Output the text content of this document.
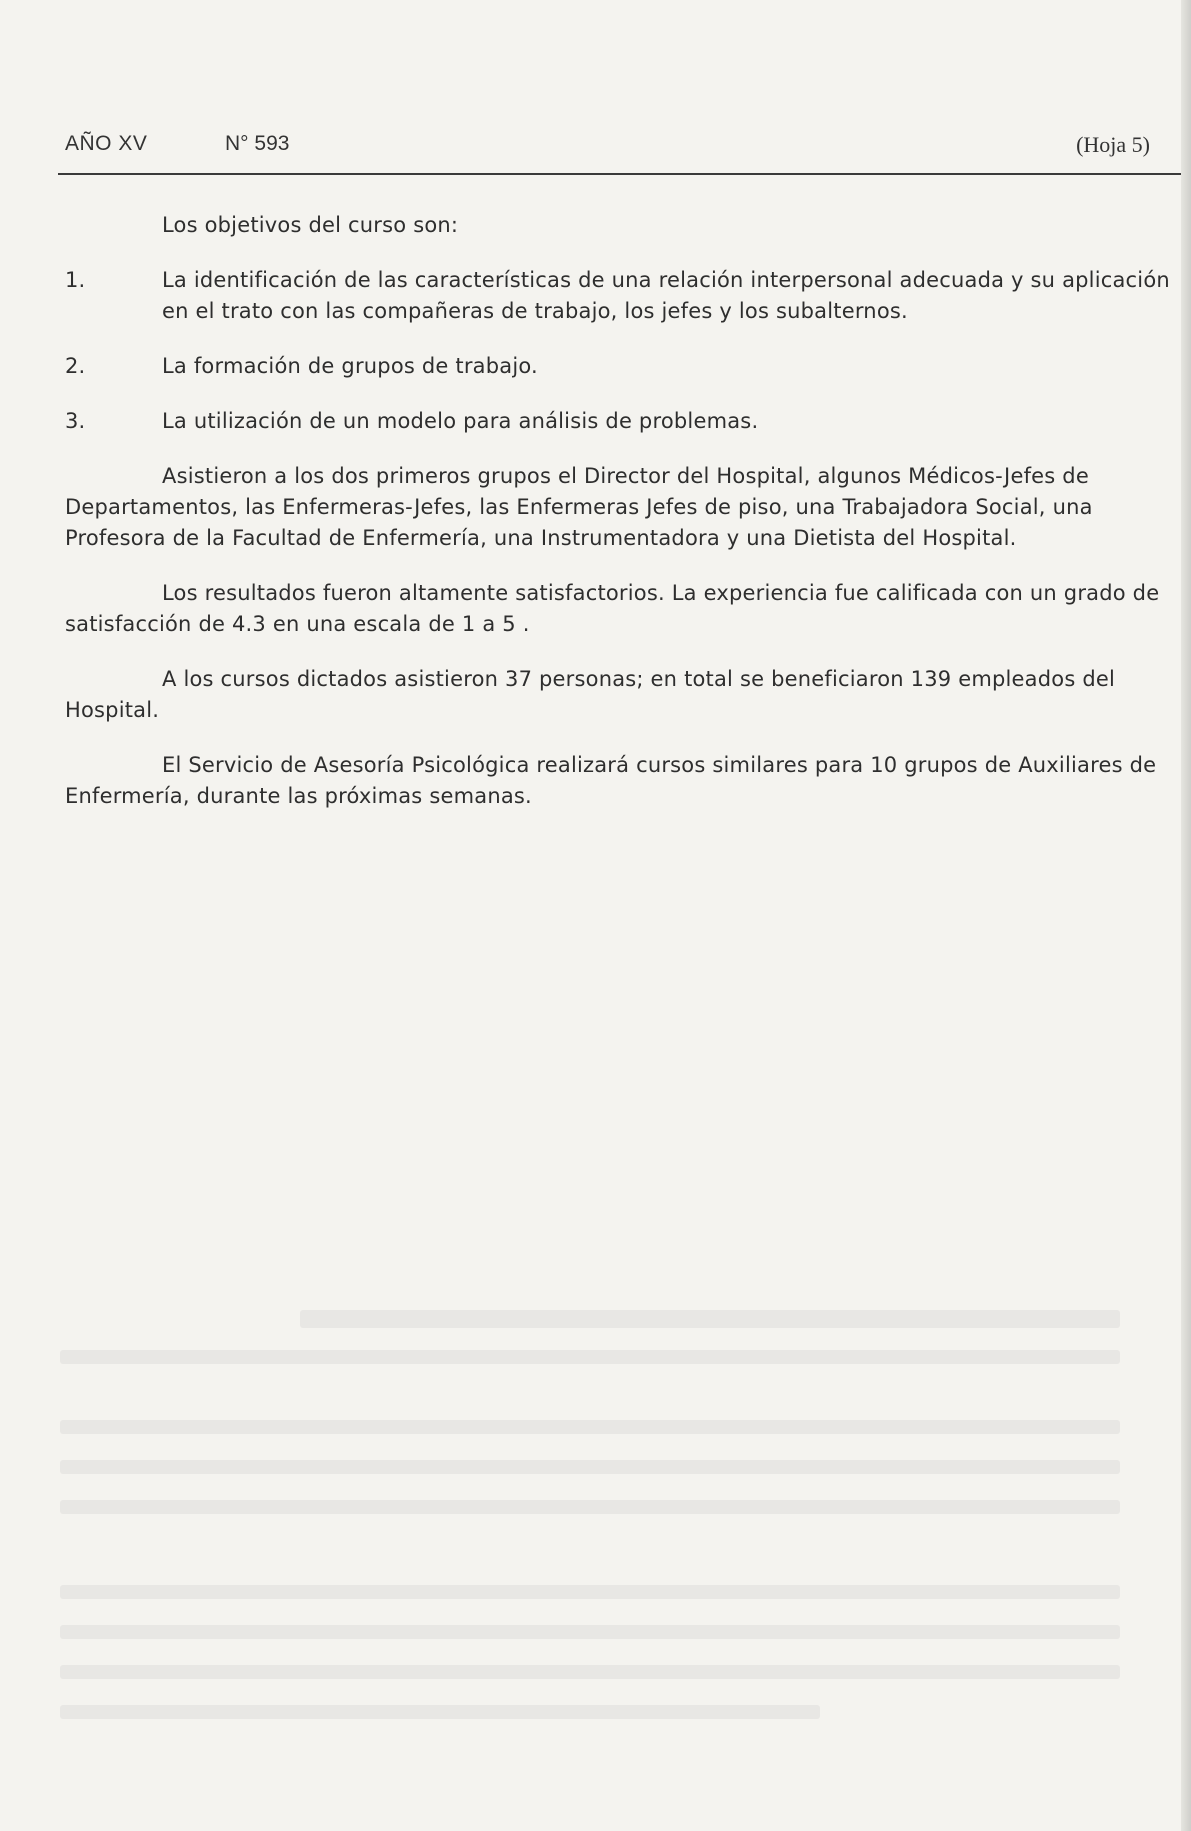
AÑO XV	N° 593	(Hoja 5)
Los objetivos del curso son:
1.	La identificación de las características de una relación interpersonal adecuada y su aplicación en el trato con las compañeras de trabajo, los jefes y los subalternos.
2.	La formación de grupos de trabajo.
3.	La utilización de un modelo para análisis de problemas.

Asistieron a los dos primeros grupos el Director del Hospital, algunos Médicos-Jefes de Departamentos, las Enfermeras-Jefes, las Enfermeras Jefes de piso, una Trabajadora Social, una Profesora de la Facultad de Enfermería, una Instrumentadora y una Dietista del Hospital.

Los resultados fueron altamente satisfactorios. La experiencia fue calificada con un grado de satisfacción de 4.3 en una escala de 1 a 5 .

A los cursos dictados asistieron 37 personas; en total se beneficiaron 139 empleados del Hospital.

El Servicio de Asesoría Psicológica realizará cursos similares para 10 grupos de Auxiliares de Enfermería, durante las próximas semanas.
